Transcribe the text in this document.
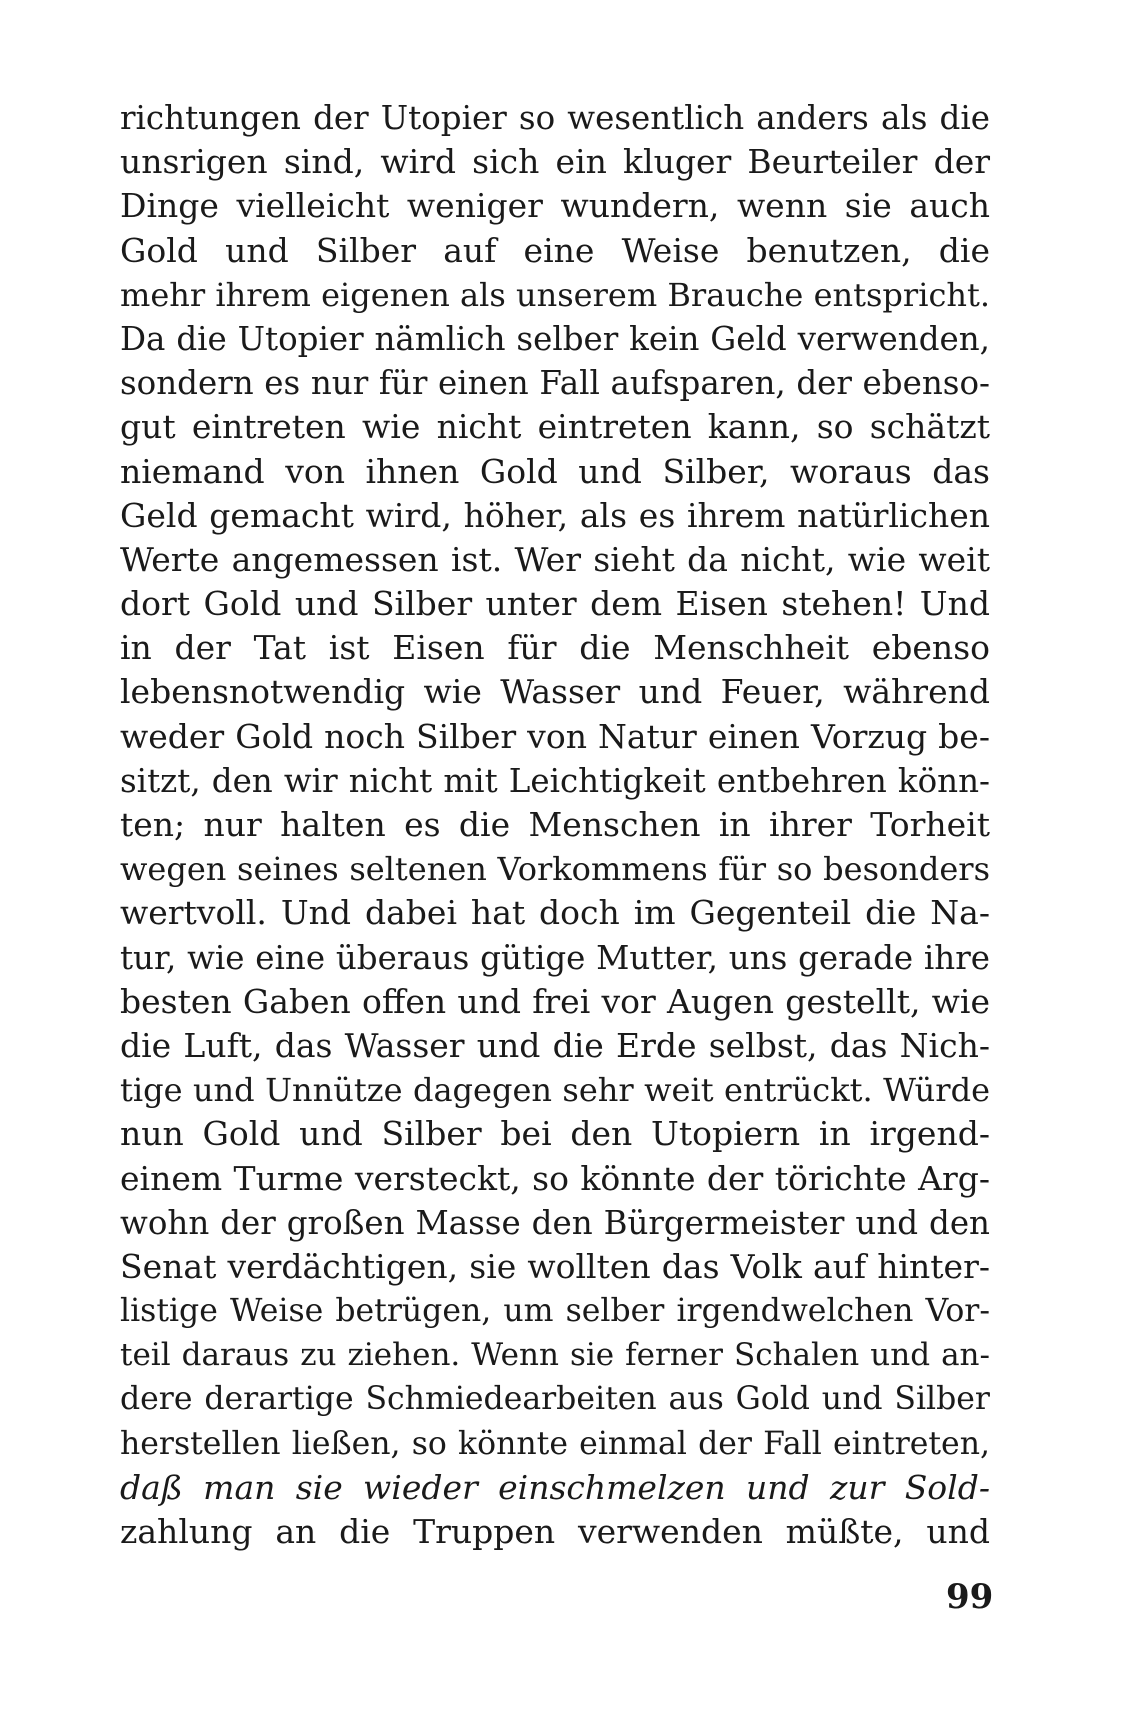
richtungen der Utopier so wesentlich anders als die
unsrigen sind, wird sich ein kluger Beurteiler der
Dinge vielleicht weniger wundern, wenn sie auch
Gold und Silber auf eine Weise benutzen, die
mehr ihrem eigenen als unserem Brauche entspricht.
Da die Utopier nämlich selber kein Geld verwenden,
sondern es nur für einen Fall aufsparen, der ebenso-
gut eintreten wie nicht eintreten kann, so schätzt
niemand von ihnen Gold und Silber, woraus das
Geld gemacht wird, höher, als es ihrem natürlichen
Werte angemessen ist. Wer sieht da nicht, wie weit
dort Gold und Silber unter dem Eisen stehen! Und
in der Tat ist Eisen für die Menschheit ebenso
lebensnotwendig wie Wasser und Feuer, während
weder Gold noch Silber von Natur einen Vorzug be-
sitzt, den wir nicht mit Leichtigkeit entbehren könn-
ten; nur halten es die Menschen in ihrer Torheit
wegen seines seltenen Vorkommens für so besonders
wertvoll. Und dabei hat doch im Gegenteil die Na-
tur, wie eine überaus gütige Mutter, uns gerade ihre
besten Gaben offen und frei vor Augen gestellt, wie
die Luft, das Wasser und die Erde selbst, das Nich-
tige und Unnütze dagegen sehr weit entrückt. Würde
nun Gold und Silber bei den Utopiern in irgend-
einem Turme versteckt, so könnte der törichte Arg-
wohn der großen Masse den Bürgermeister und den
Senat verdächtigen, sie wollten das Volk auf hinter-
listige Weise betrügen, um selber irgendwelchen Vor-
teil daraus zu ziehen. Wenn sie ferner Schalen und an-
dere derartige Schmiedearbeiten aus Gold und Silber
herstellen ließen, so könnte einmal der Fall eintreten,
daß man sie wieder einschmelzen und zur Sold-
zahlung an die Truppen verwenden müßte, und
99
